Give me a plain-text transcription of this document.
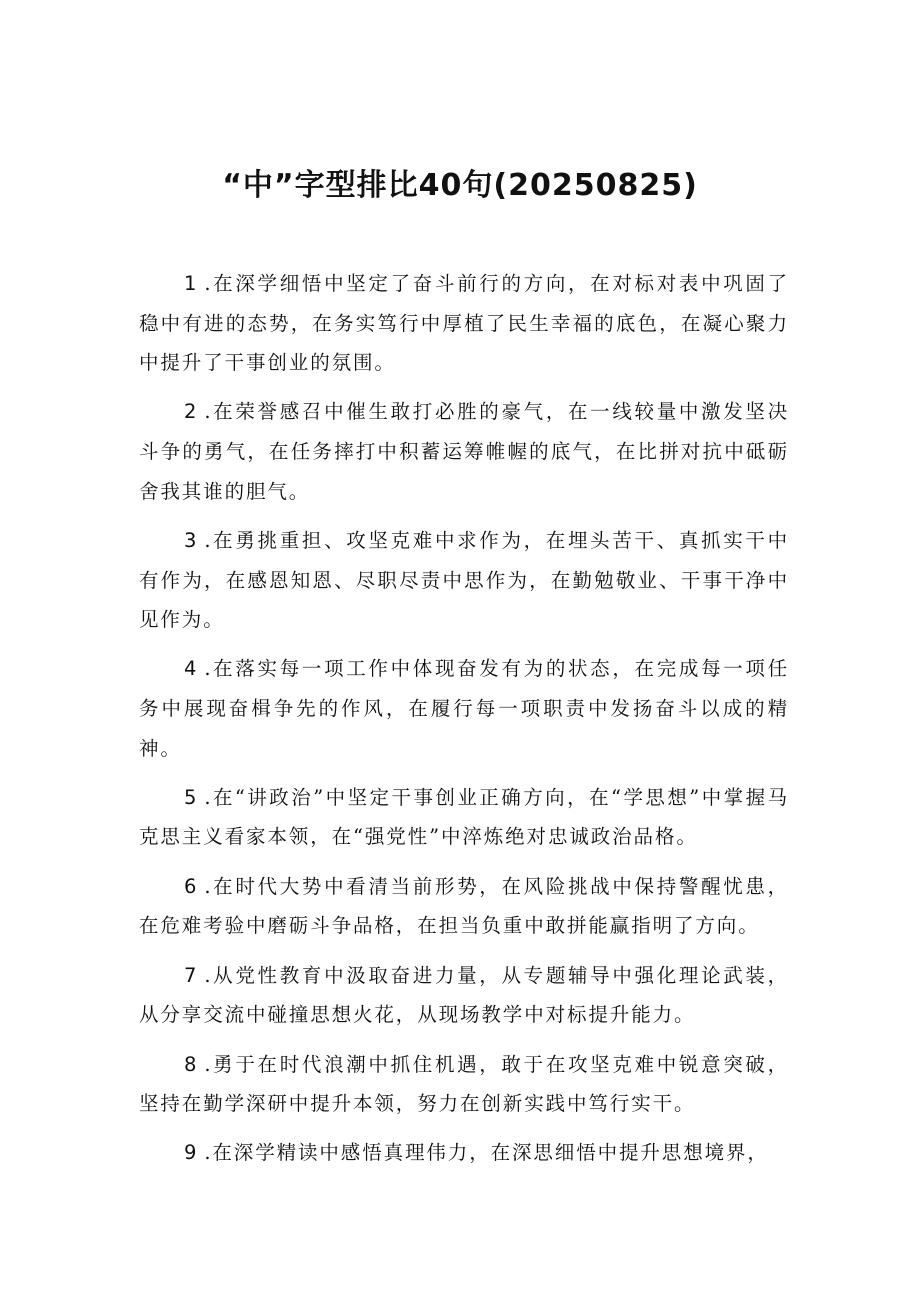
“中”字型排比40句(20250825)

1 .在深学细悟中坚定了奋斗前行的方向，在对标对表中巩固了稳中有进的态势，在务实笃行中厚植了民生幸福的底色，在凝心聚力中提升了干事创业的氛围。

2 .在荣誉感召中催生敢打必胜的豪气，在一线较量中激发坚决斗争的勇气，在任务摔打中积蓄运筹帷幄的底气，在比拼对抗中砥砺舍我其谁的胆气。

3 .在勇挑重担、攻坚克难中求作为，在埋头苦干、真抓实干中有作为，在感恩知恩、尽职尽责中思作为，在勤勉敬业、干事干净中见作为。

4 .在落实每一项工作中体现奋发有为的状态，在完成每一项任务中展现奋楫争先的作风，在履行每一项职责中发扬奋斗以成的精神。

5 .在“讲政治”中坚定干事创业正确方向，在“学思想”中掌握马克思主义看家本领，在“强党性”中淬炼绝对忠诚政治品格。

6 .在时代大势中看清当前形势，在风险挑战中保持警醒忧患，在危难考验中磨砺斗争品格，在担当负重中敢拼能赢指明了方向。

7 .从党性教育中汲取奋进力量，从专题辅导中强化理论武装，从分享交流中碰撞思想火花，从现场教学中对标提升能力。

8 .勇于在时代浪潮中抓住机遇，敢于在攻坚克难中锐意突破，坚持在勤学深研中提升本领，努力在创新实践中笃行实干。

9 .在深学精读中感悟真理伟力，在深思细悟中提升思想境界，
